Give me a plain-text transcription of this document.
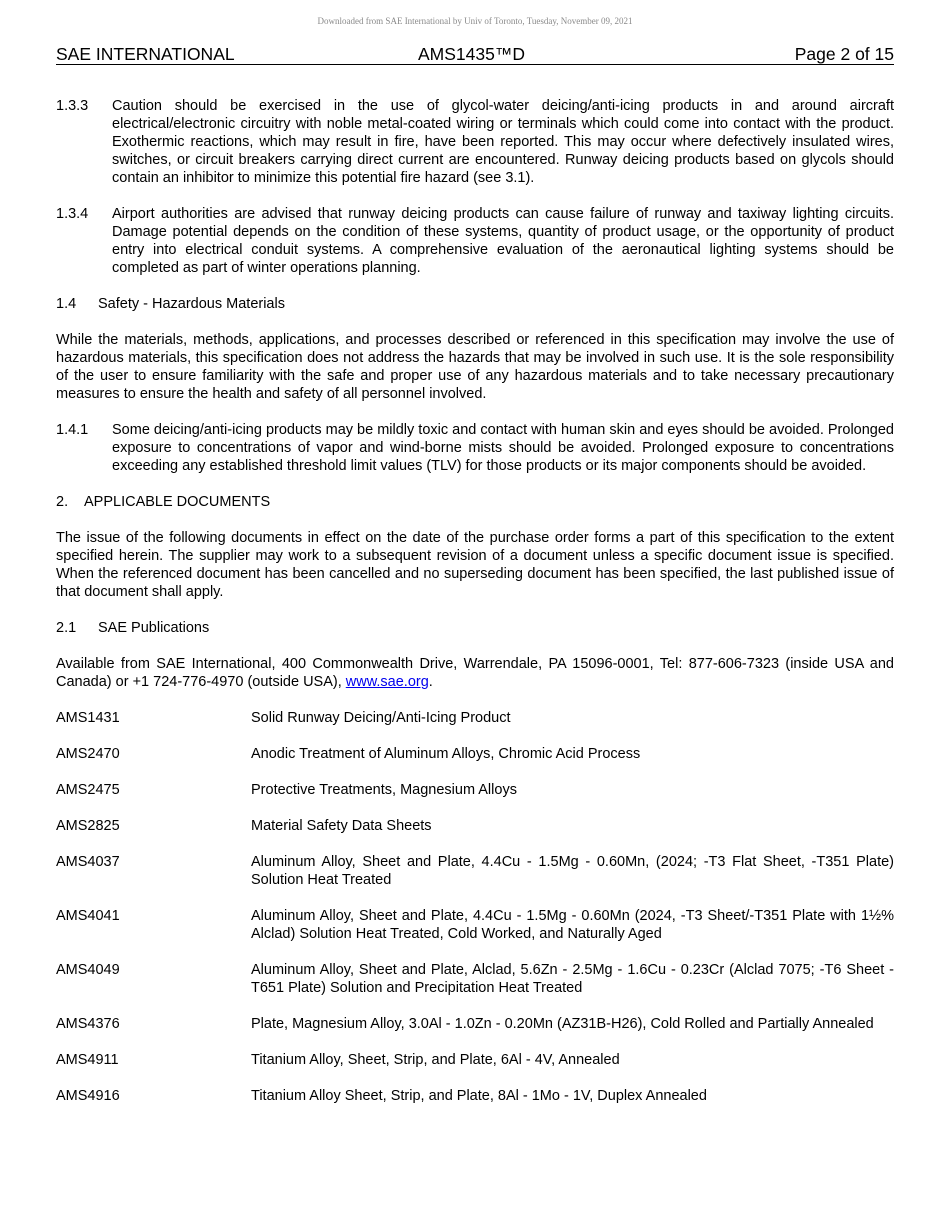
Downloaded from SAE International by Univ of Toronto, Tuesday, November 09, 2021
SAE INTERNATIONAL	AMS1435™D	Page 2 of 15
1.3.3	Caution should be exercised in the use of glycol-water deicing/anti-icing products in and around aircraft electrical/electronic circuitry with noble metal-coated wiring or terminals which could come into contact with the product. Exothermic reactions, which may result in fire, have been reported. This may occur where defectively insulated wires, switches, or circuit breakers carrying direct current are encountered. Runway deicing products based on glycols should contain an inhibitor to minimize this potential fire hazard (see 3.1).
1.3.4	Airport authorities are advised that runway deicing products can cause failure of runway and taxiway lighting circuits. Damage potential depends on the condition of these systems, quantity of product usage, or the opportunity of product entry into electrical conduit systems. A comprehensive evaluation of the aeronautical lighting systems should be completed as part of winter operations planning.
1.4	Safety - Hazardous Materials

While the materials, methods, applications, and processes described or referenced in this specification may involve the use of hazardous materials, this specification does not address the hazards that may be involved in such use. It is the sole responsibility of the user to ensure familiarity with the safe and proper use of any hazardous materials and to take necessary precautionary measures to ensure the health and safety of all personnel involved.

1.4.1	Some deicing/anti-icing products may be mildly toxic and contact with human skin and eyes should be avoided. Prolonged exposure to concentrations of vapor and wind-borne mists should be avoided. Prolonged exposure to concentrations exceeding any established threshold limit values (TLV) for those products or its major components should be avoided.
2.	APPLICABLE DOCUMENTS

The issue of the following documents in effect on the date of the purchase order forms a part of this specification to the extent specified herein. The supplier may work to a subsequent revision of a document unless a specific document issue is specified. When the referenced document has been cancelled and no superseding document has been specified, the last published issue of that document shall apply.

2.1	SAE Publications

Available from SAE International, 400 Commonwealth Drive, Warrendale, PA 15096-0001, Tel: 877-606-7323 (inside USA and Canada) or +1 724-776-4970 (outside USA), www.sae.org.

AMS1431	Solid Runway Deicing/Anti-Icing Product
AMS2470	Anodic Treatment of Aluminum Alloys, Chromic Acid Process
AMS2475	Protective Treatments, Magnesium Alloys
AMS2825	Material Safety Data Sheets
AMS4037	Aluminum Alloy, Sheet and Plate, 4.4Cu - 1.5Mg - 0.60Mn, (2024; -T3 Flat Sheet, -T351 Plate) Solution Heat Treated
AMS4041	Aluminum Alloy, Sheet and Plate, 4.4Cu - 1.5Mg - 0.60Mn (2024, -T3 Sheet/-T351 Plate with 1½% Alclad) Solution Heat Treated, Cold Worked, and Naturally Aged
AMS4049	Aluminum Alloy, Sheet and Plate, Alclad, 5.6Zn - 2.5Mg - 1.6Cu - 0.23Cr (Alclad 7075; -T6 Sheet -T651 Plate) Solution and Precipitation Heat Treated
AMS4376	Plate, Magnesium Alloy, 3.0Al - 1.0Zn - 0.20Mn (AZ31B-H26), Cold Rolled and Partially Annealed
AMS4911	Titanium Alloy, Sheet, Strip, and Plate, 6Al - 4V, Annealed
AMS4916	Titanium Alloy Sheet, Strip, and Plate, 8Al - 1Mo - 1V, Duplex Annealed
